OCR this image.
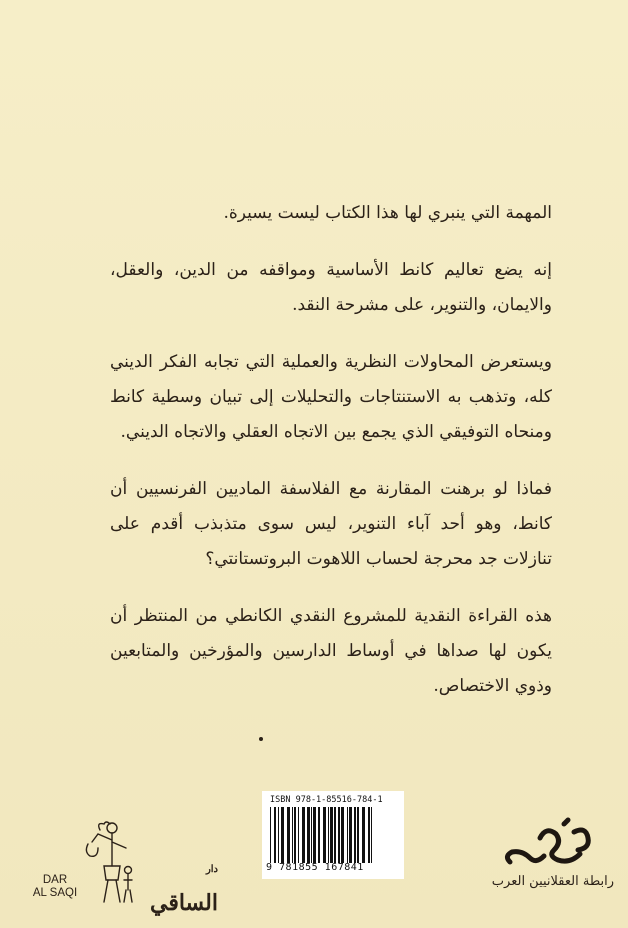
المهمة التي ينبري لها هذا الكتاب ليست يسيرة.

إنه يضع تعاليم كانط الأساسية ومواقفه من الدين، والعقل، والايمان، والتنوير، على مشرحة النقد.

ويستعرض المحاولات النظرية والعملية التي تجابه الفكر الديني كله، وتذهب به الاستنتاجات والتحليلات إلى تبيان وسطية كانط ومنحاه التوفيقي الذي يجمع بين الاتجاه العقلي والاتجاه الديني.

فماذا لو برهنت المقارنة مع الفلاسفة الماديين الفرنسيين أن كانط، وهو أحد آباء التنوير، ليس سوى متذبذب أقدم على تنازلات جد محرجة لحساب اللاهوت البروتستانتي؟

هذه القراءة النقدية للمشروع النقدي الكانطي من المنتظر أن يكون لها صداها في أوساط الدارسين والمؤرخين والمتابعين وذوي الاختصاص.

ISBN 978-1-85516-784-1
9 781855 167841
DAR
AL SAQI
$^{دار}$ الساقي
رابطة العقلانيين العرب
